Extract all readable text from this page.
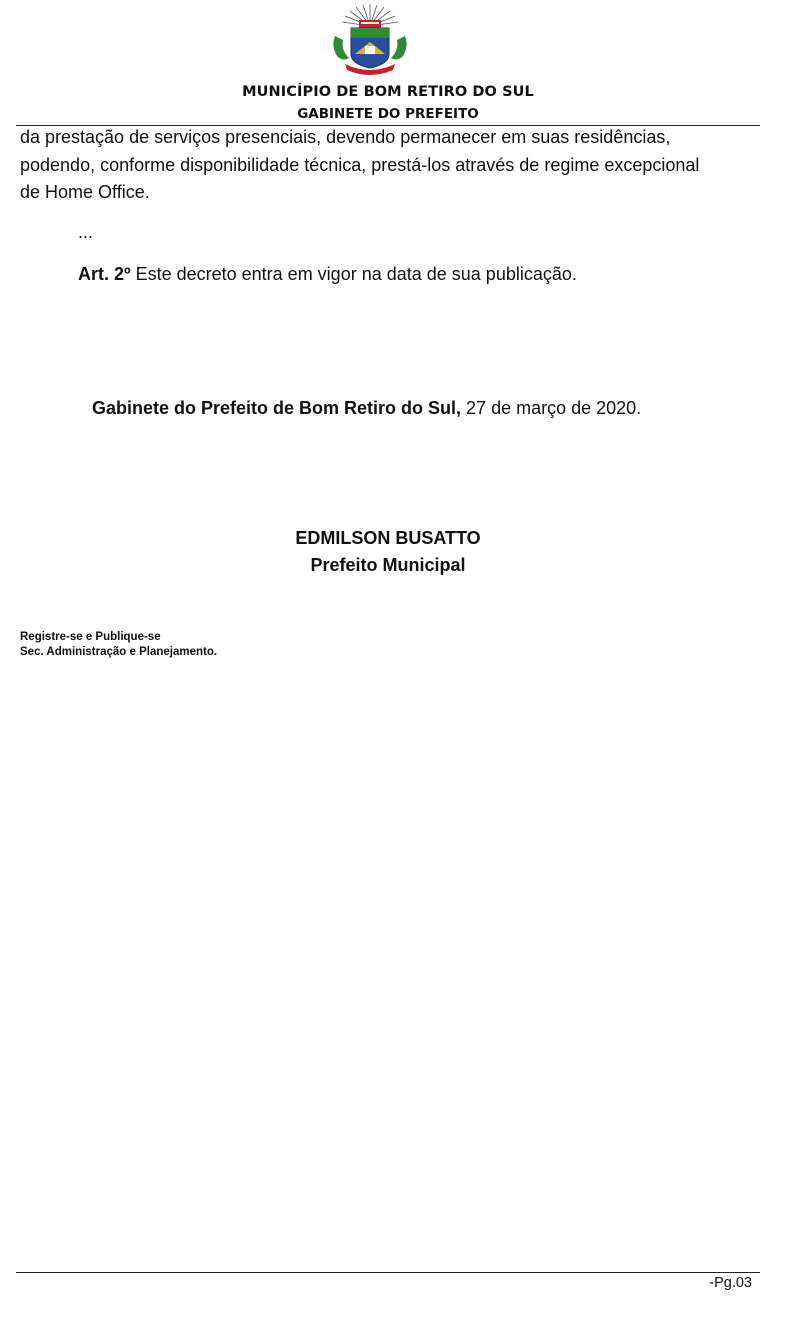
MUNICÍPIO DE BOM RETIRO DO SUL
GABINETE DO PREFEITO
da prestação de serviços presenciais, devendo permanecer em suas residências,
podendo, conforme disponibilidade técnica, prestá-los através de regime excepcional
de Home Office.
...
Art. 2º Este decreto entra em vigor na data de sua publicação.
Gabinete do Prefeito de Bom Retiro do Sul, 27 de março de 2020.
EDMILSON BUSATTO
Prefeito Municipal
Registre-se e Publique-se
Sec. Administração e Planejamento.
-Pg.03
